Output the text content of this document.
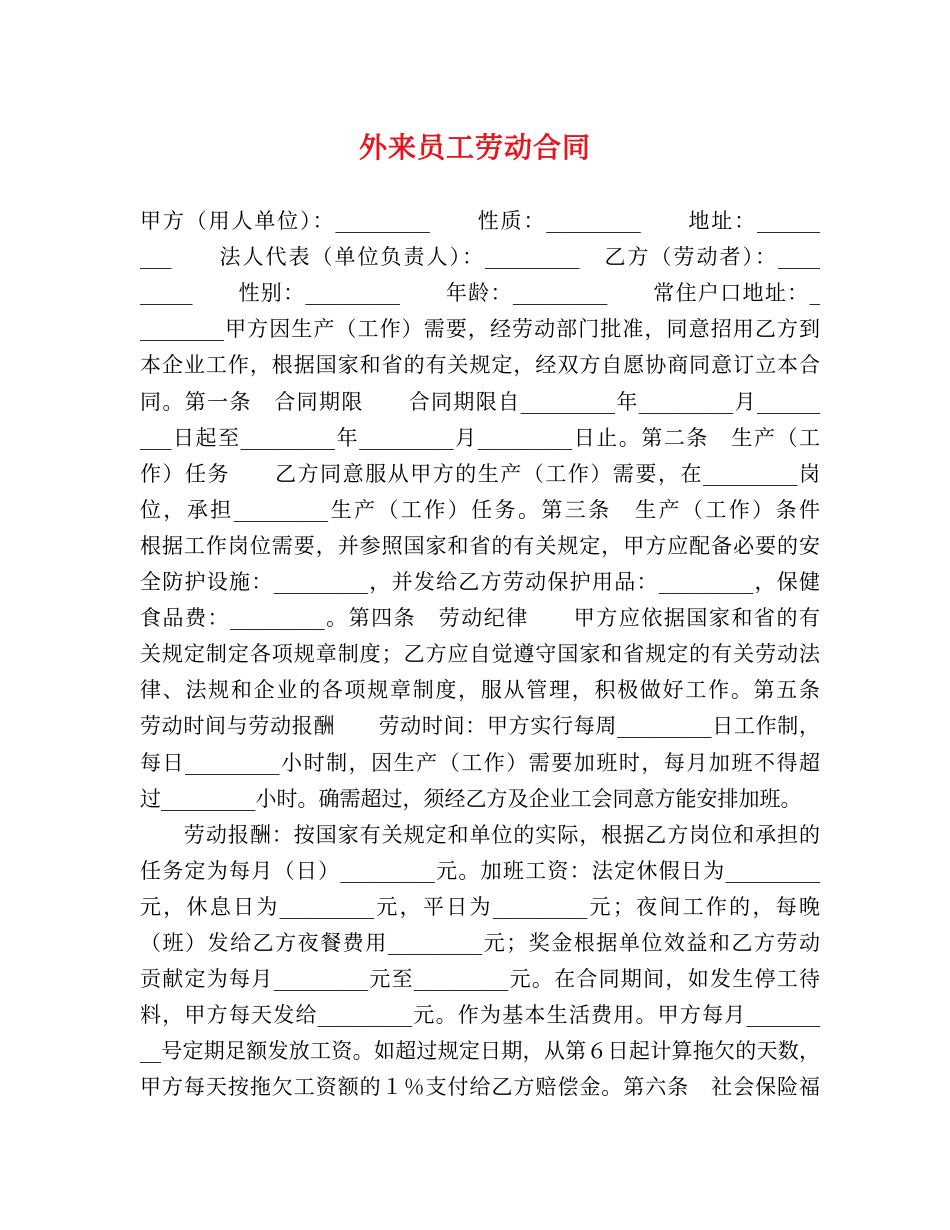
外来员工劳动合同
甲方（用人单位）：_________　　性质：_________　　地址：______
___　　法人代表（单位负责人）：_________　乙方（劳动者）：____
_____　　性别：_________　　年龄：_________　　常住户口地址：_
________甲方因生产（工作）需要，经劳动部门批准，同意招用乙方到
本企业工作，根据国家和省的有关规定，经双方自愿协商同意订立本合
同。第一条　合同期限　　合同期限自_________年_________月______
___日起至_________年_________月_________日止。第二条　生产（工
作）任务　　乙方同意服从甲方的生产（工作）需要，在_________岗
位，承担_________生产（工作）任务。第三条　生产（工作）条件
根据工作岗位需要，并参照国家和省的有关规定，甲方应配备必要的安
全防护设施：_________，并发给乙方劳动保护用品：_________，保健
食品费：_________。第四条　劳动纪律　　甲方应依据国家和省的有
关规定制定各项规章制度；乙方应自觉遵守国家和省规定的有关劳动法
律、法规和企业的各项规章制度，服从管理，积极做好工作。第五条
劳动时间与劳动报酬　　劳动时间：甲方实行每周_________日工作制，
每日_________小时制，因生产（工作）需要加班时，每月加班不得超
过_________小时。确需超过，须经乙方及企业工会同意方能安排加班。
　　劳动报酬：按国家有关规定和单位的实际，根据乙方岗位和承担的
任务定为每月（日）_________元。加班工资：法定休假日为_________
元，休息日为_________元，平日为_________元；夜间工作的，每晚
（班）发给乙方夜餐费用_________元；奖金根据单位效益和乙方劳动
贡献定为每月_________元至_________元。在合同期间，如发生停工待
料，甲方每天发给_________元。作为基本生活费用。甲方每月_______
__号定期足额发放工资。如超过规定日期，从第６日起计算拖欠的天数，
甲方每天按拖欠工资额的１％支付给乙方赔偿金。第六条　社会保险福
